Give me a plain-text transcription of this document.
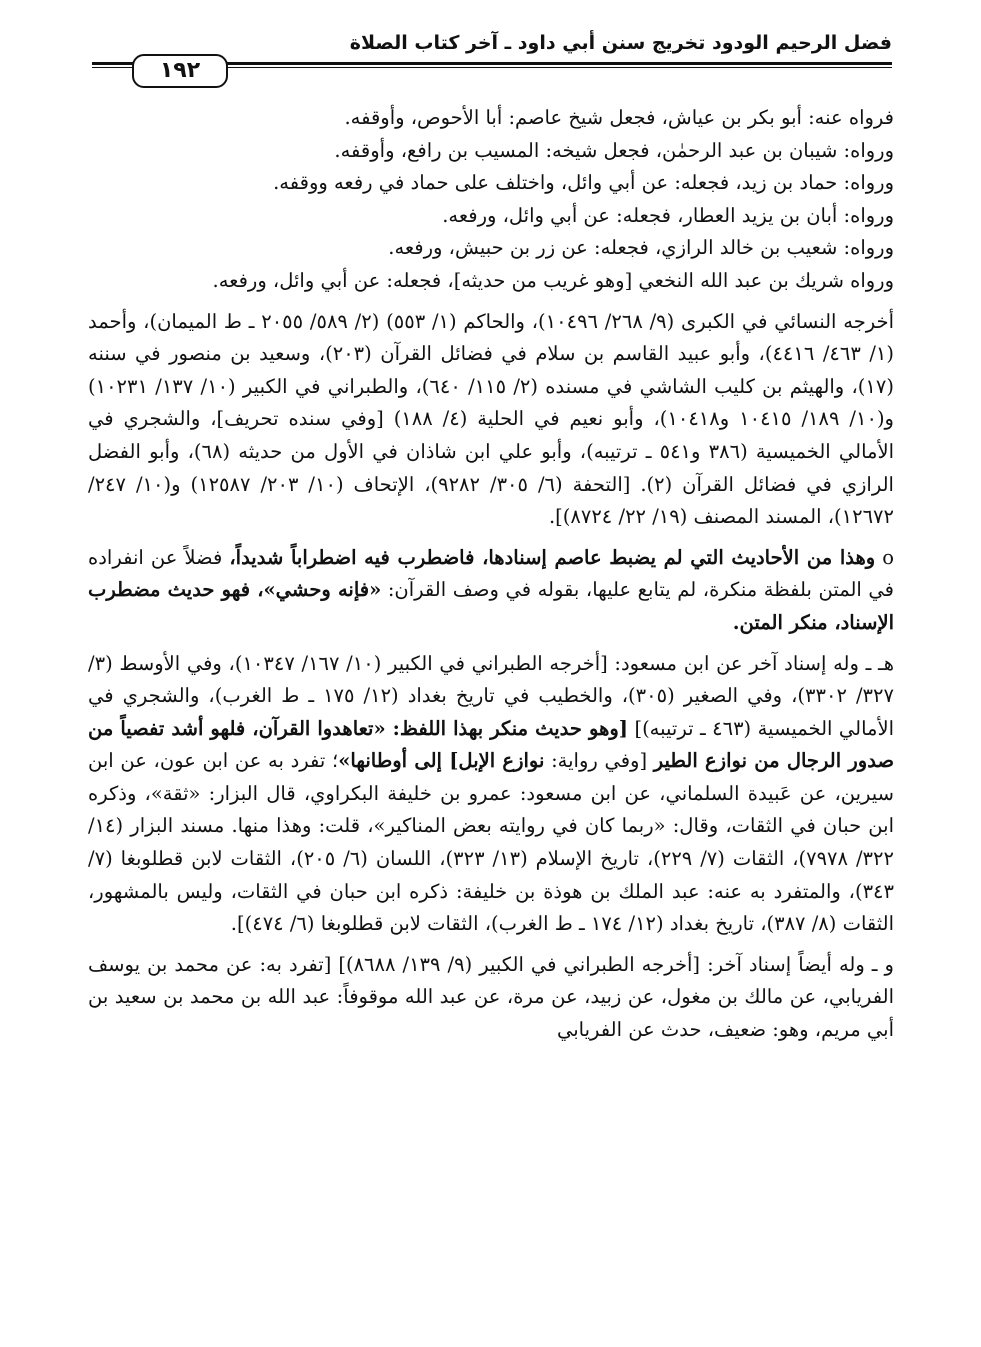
فضل الرحيم الودود تخريج سنن أبي داود ـ آخر كتاب الصلاة
١٩٢

فرواه عنه: أبو بكر بن عياش، فجعل شيخ عاصم: أبا الأحوص، وأوقفه.

ورواه: شيبان بن عبد الرحمٰن، فجعل شيخه: المسيب بن رافع، وأوقفه.

ورواه: حماد بن زيد، فجعله: عن أبي وائل، واختلف على حماد في رفعه ووقفه.

ورواه: أبان بن يزيد العطار، فجعله: عن أبي وائل، ورفعه.

ورواه: شعيب بن خالد الرازي، فجعله: عن زر بن حبيش، ورفعه.

ورواه شريك بن عبد الله النخعي [وهو غريب من حديثه]، فجعله: عن أبي وائل، ورفعه.

أخرجه النسائي في الكبرى (٩/ ٢٦٨/ ١٠٤٩٦)، والحاكم (١/ ٥٥٣) (٢/ ٥٨٩/ ٢٠٥٥ ـ ط الميمان)، وأحمد (١/ ٤٦٣/ ٤٤١٦)، وأبو عبيد القاسم بن سلام في فضائل القرآن (٢٠٣)، وسعيد بن منصور في سننه (١٧)، والهيثم بن كليب الشاشي في مسنده (٢/ ١١٥/ ٦٤٠)، والطبراني في الكبير (١٠/ ١٣٧/ ١٠٢٣١) و(١٠/ ١٨٩/ ١٠٤١٥ و١٠٤١٨)، وأبو نعيم في الحلية (٤/ ١٨٨) [وفي سنده تحريف]، والشجري في الأمالي الخميسية (٣٨٦ و٥٤١ ـ ترتيبه)، وأبو علي ابن شاذان في الأول من حديثه (٦٨)، وأبو الفضل الرازي في فضائل القرآن (٢). [التحفة (٦/ ٣٠٥/ ٩٢٨٢)، الإتحاف (١٠/ ٢٠٣/ ١٢٥٨٧) و(١٠/ ٢٤٧/ ١٢٦٧٢)، المسند المصنف (١٩/ ٢٢/ ٨٧٢٤)].

o وهذا من الأحاديث التي لم يضبط عاصم إسنادها، فاضطرب فيه اضطراباً شديداً، فضلاً عن انفراده في المتن بلفظة منكرة، لم يتابع عليها، بقوله في وصف القرآن: «فإنه وحشي»، فهو حديث مضطرب الإسناد، منكر المتن.

هـ ـ وله إسناد آخر عن ابن مسعود: [أخرجه الطبراني في الكبير (١٠/ ١٦٧/ ١٠٣٤٧)، وفي الأوسط (٣/ ٣٢٧/ ٣٣٠٢)، وفي الصغير (٣٠٥)، والخطيب في تاريخ بغداد (١٢/ ١٧٥ ـ ط الغرب)، والشجري في الأمالي الخميسية (٤٦٣ ـ ترتيبه)] [وهو حديث منكر بهذا اللفظ: «تعاهدوا القرآن، فلهو أشد تفصياً من صدور الرجال من نوازع الطير [وفي رواية: نوازع الإبل] إلى أوطانها»؛ تفرد به عن ابن عون، عن ابن سيرين، عن عَبيدة السلماني، عن ابن مسعود: عمرو بن خليفة البكراوي، قال البزار: «ثقة»، وذكره ابن حبان في الثقات، وقال: «ربما كان في روايته بعض المناكير»، قلت: وهذا منها. مسند البزار (١٤/ ٣٢٢/ ٧٩٧٨)، الثقات (٧/ ٢٢٩)، تاريخ الإسلام (١٣/ ٣٢٣)، اللسان (٦/ ٢٠٥)، الثقات لابن قطلوبغا (٧/ ٣٤٣)، والمتفرد به عنه: عبد الملك بن هوذة بن خليفة: ذكره ابن حبان في الثقات، وليس بالمشهور، الثقات (٨/ ٣٨٧)، تاريخ بغداد (١٢/ ١٧٤ ـ ط الغرب)، الثقات لابن قطلوبغا (٦/ ٤٧٤)].

و ـ وله أيضاً إسناد آخر: [أخرجه الطبراني في الكبير (٩/ ١٣٩/ ٨٦٨٨)] [تفرد به: عن محمد بن يوسف الفريابي، عن مالك بن مغول، عن زبيد، عن مرة، عن عبد الله موقوفاً: عبد الله بن محمد بن سعيد بن أبي مريم، وهو: ضعيف، حدث عن الفريابي
